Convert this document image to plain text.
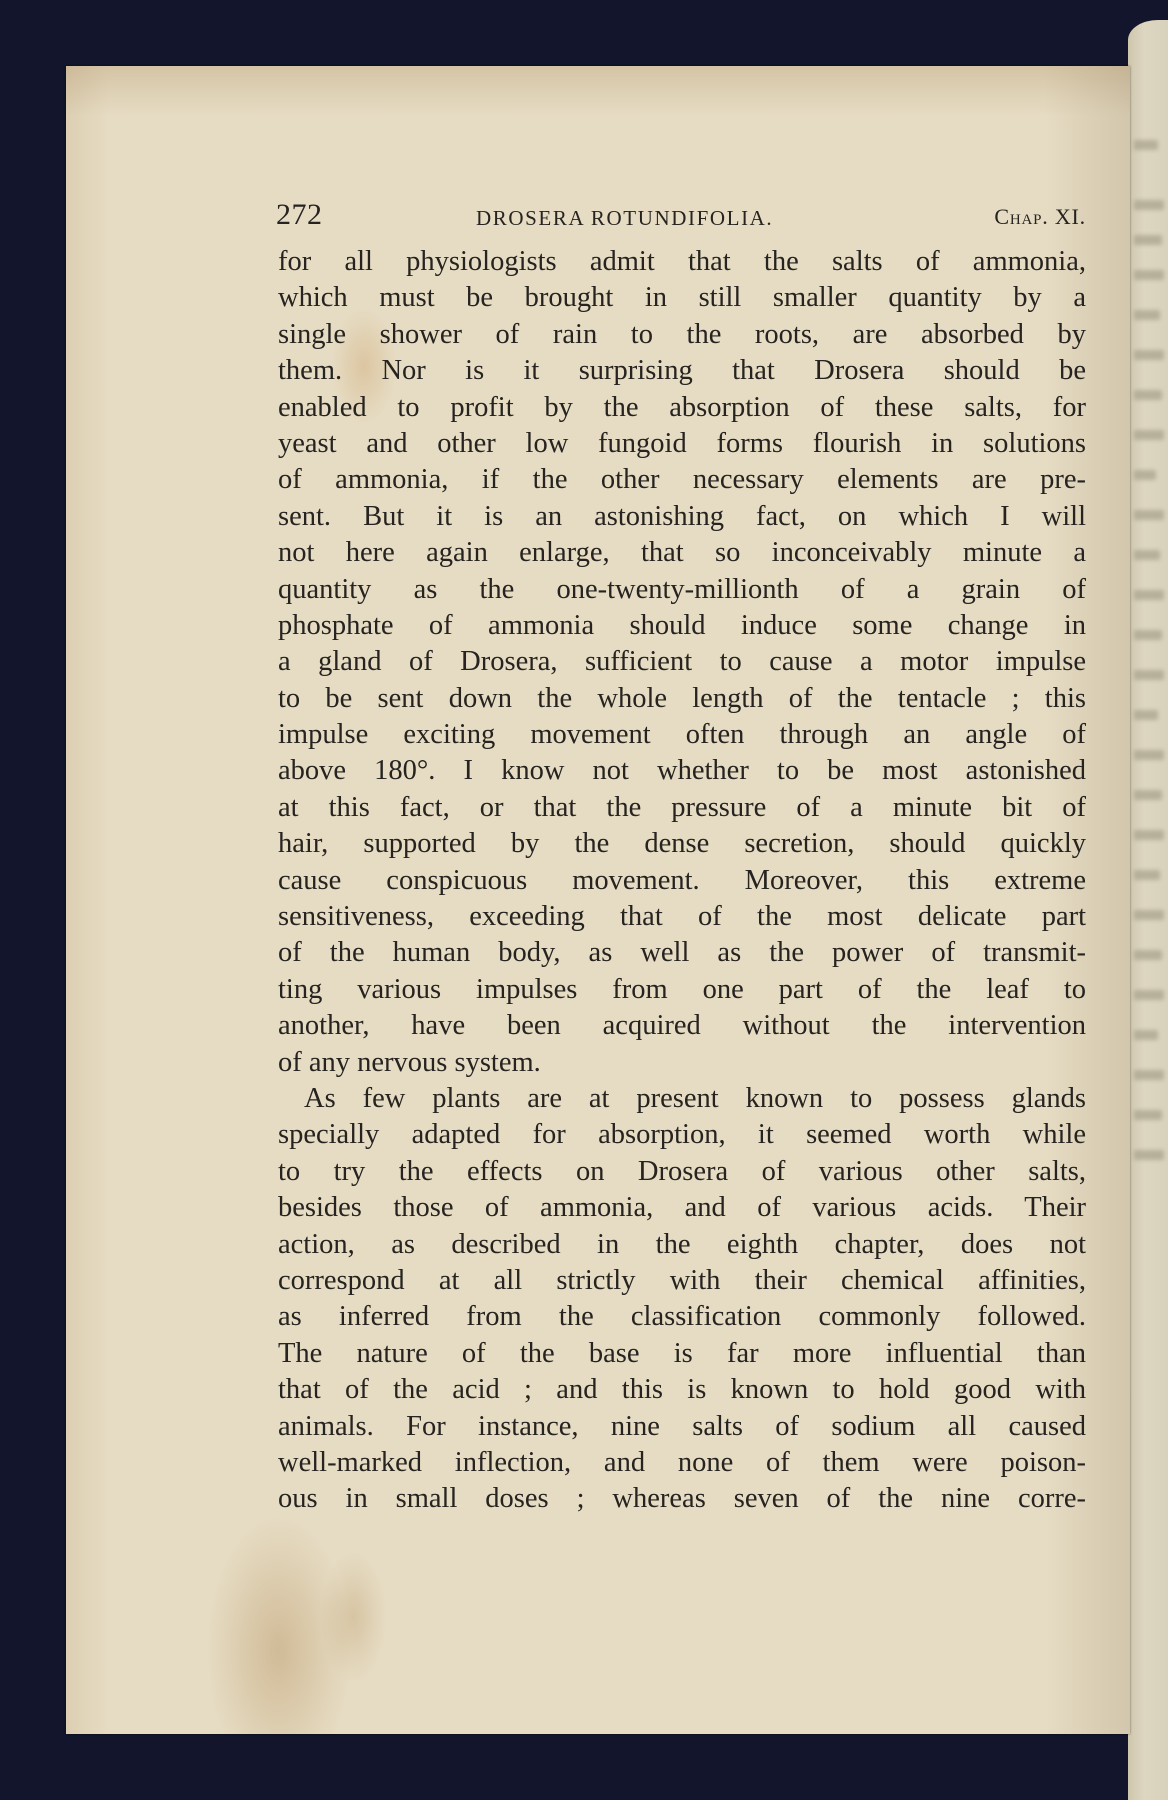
272	DROSERA ROTUNDIFOLIA.	Chap. XI.
for all physiologists admit that the salts of ammonia,
which must be brought in still smaller quantity by a
single shower of rain to the roots, are absorbed by
them. Nor is it surprising that Drosera should be
enabled to profit by the absorption of these salts, for
yeast and other low fungoid forms flourish in solutions
of ammonia, if the other necessary elements are pre-
sent. But it is an astonishing fact, on which I will
not here again enlarge, that so inconceivably minute a
quantity as the one-twenty-millionth of a grain of
phosphate of ammonia should induce some change in
a gland of Drosera, sufficient to cause a motor impulse
to be sent down the whole length of the tentacle ; this
impulse exciting movement often through an angle of
above 180°. I know not whether to be most astonished
at this fact, or that the pressure of a minute bit of
hair, supported by the dense secretion, should quickly
cause conspicuous movement. Moreover, this extreme
sensitiveness, exceeding that of the most delicate part
of the human body, as well as the power of transmit-
ting various impulses from one part of the leaf to
another, have been acquired without the intervention
of any nervous system.
As few plants are at present known to possess glands
specially adapted for absorption, it seemed worth while
to try the effects on Drosera of various other salts,
besides those of ammonia, and of various acids. Their
action, as described in the eighth chapter, does not
correspond at all strictly with their chemical affinities,
as inferred from the classification commonly followed.
The nature of the base is far more influential than
that of the acid ; and this is known to hold good with
animals. For instance, nine salts of sodium all caused
well-marked inflection, and none of them were poison-
ous in small doses ; whereas seven of the nine corre-
